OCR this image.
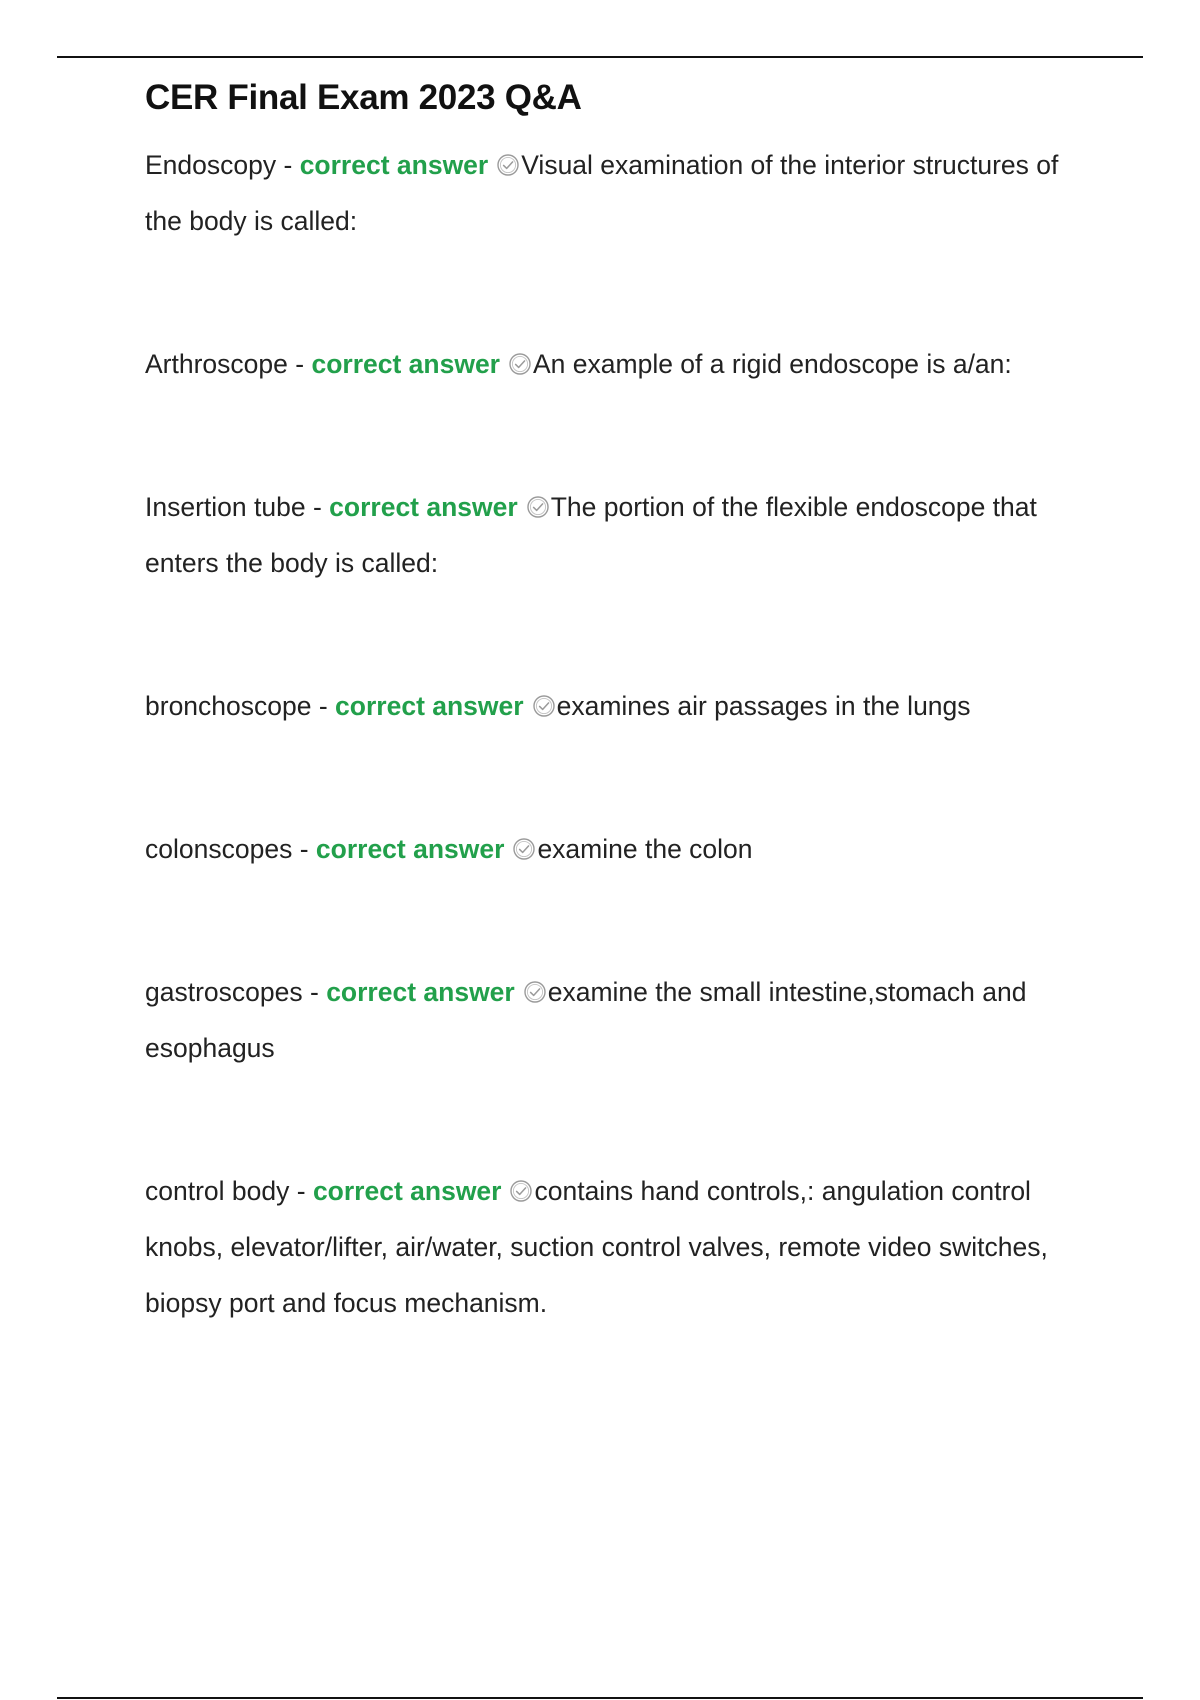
CER Final Exam 2023 Q&A
Endoscopy - correct answer Visual examination of the interior structures of the body is called:
Arthroscope - correct answer An example of a rigid endoscope is a/an:
Insertion tube - correct answer The portion of the flexible endoscope that enters the body is called:
bronchoscope - correct answer examines air passages in the lungs
colonscopes - correct answer examine the colon
gastroscopes - correct answer examine the small intestine,stomach and esophagus
control body - correct answer contains hand controls,: angulation control knobs, elevator/lifter, air/water, suction control valves, remote video switches, biopsy port and focus mechanism.
